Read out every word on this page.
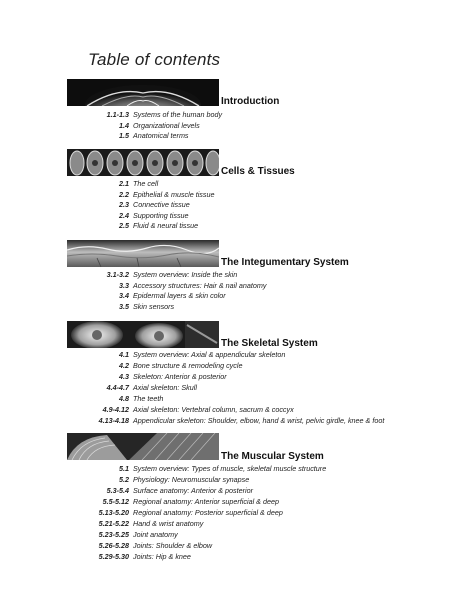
Table of contents
Introduction
1.1-1.3 Systems of the human body
1.4 Organizational levels
1.5 Anatomical terms
Cells & Tissues
2.1 The cell
2.2 Epithelial & muscle tissue
2.3 Connective tissue
2.4 Supporting tissue
2.5 Fluid & neural tissue
The Integumentary System
3.1-3.2 System overview: Inside the skin
3.3 Accessory structures: Hair & nail anatomy
3.4 Epidermal layers & skin color
3.5 Skin sensors
The Skeletal System
4.1 System overview: Axial & appendicular skeleton
4.2 Bone structure & remodeling cycle
4.3 Skeleton: Anterior & posterior
4.4-4.7 Axial skeleton: Skull
4.8 The teeth
4.9-4.12 Axial skeleton: Vertebral column, sacrum & coccyx
4.13-4.18 Appendicular skeleton: Shoulder, elbow, hand & wrist, pelvic girdle, knee & foot
The Muscular System
5.1 System overview: Types of muscle, skeletal muscle structure
5.2 Physiology: Neuromuscular synapse
5.3-5.4 Surface anatomy: Anterior & posterior
5.5-5.12 Regional anatomy: Anterior superficial & deep
5.13-5.20 Regional anatomy: Posterior superficial & deep
5.21-5.22 Hand & wrist anatomy
5.23-5.25 Joint anatomy
5.26-5.28 Joints: Shoulder & elbow
5.29-5.30 Joints: Hip & knee
